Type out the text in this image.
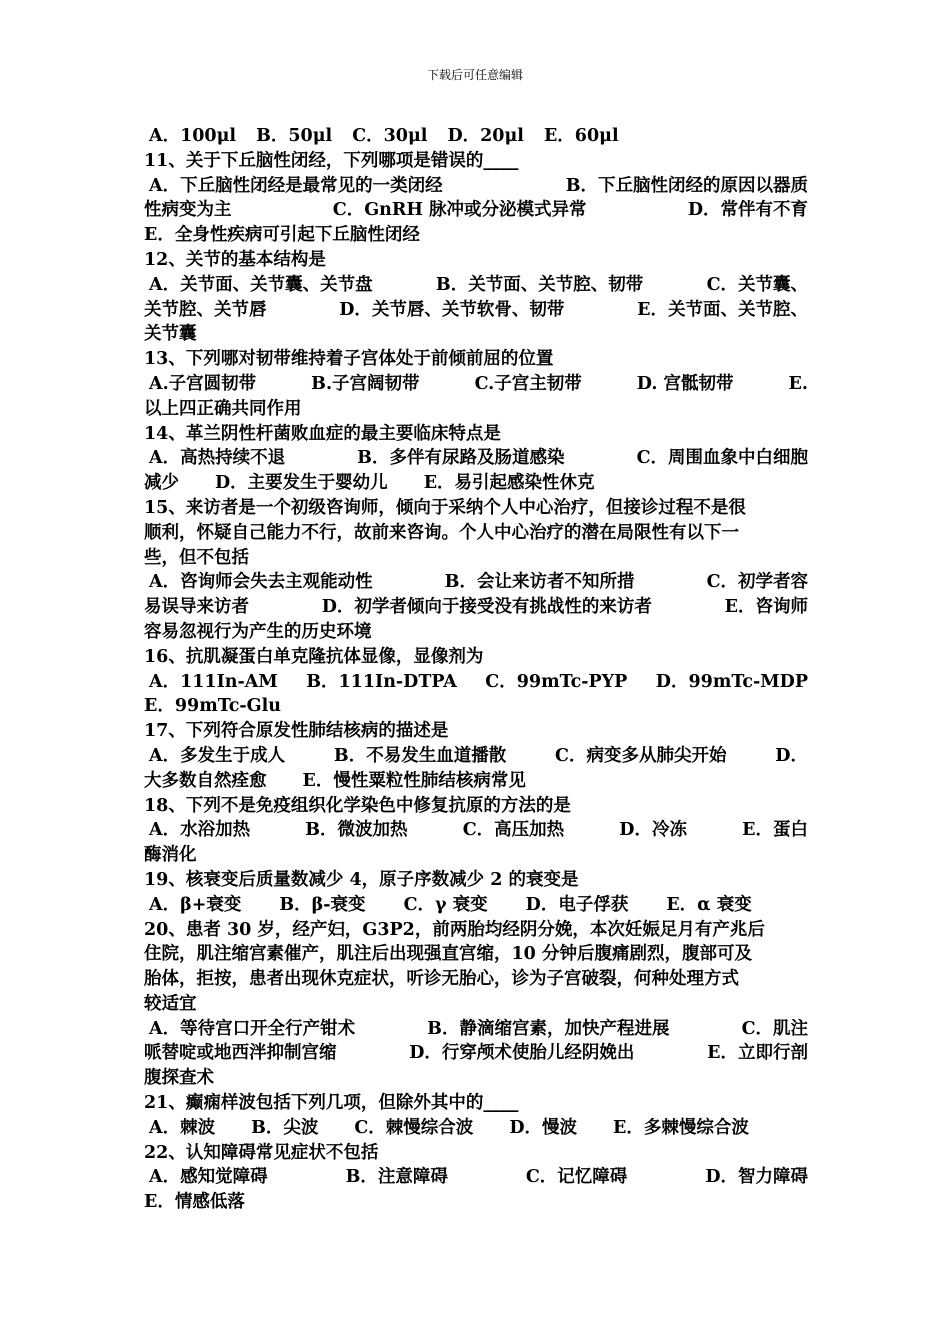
下载后可任意编辑
A．100μl B．50μl C．30μl D．20μl E．60μl
11、关于下丘脑性闭经，下列哪项是错误的____
A．下丘脑性闭经是最常见的一类闭经	B．下丘脑性闭经的原因以器质
性病变为主	C．GnRH 脉冲或分泌模式异常	D．常伴有不育
E．全身性疾病可引起下丘脑性闭经
12、关节的基本结构是
A．关节面、关节囊、关节盘	B．关节面、关节腔、韧带	C．关节囊、
关节腔、关节唇	D．关节唇、关节软骨、韧带	E．关节面、关节腔、
关节囊
13、下列哪对韧带维持着子宫体处于前倾前屈的位置
A.子宫圆韧带	B.子宫阔韧带	C.子宫主韧带	D. 宫骶韧带	E.
以上四正确共同作用
14、革兰阴性杆菌败血症的最主要临床特点是
A．高热持续不退	B．多伴有尿路及肠道感染	C．周围血象中白细胞
减少 D．主要发生于婴幼儿 E．易引起感染性休克
15、来访者是一个初级咨询师，倾向于采纳个人中心治疗，但接诊过程不是很
顺利，怀疑自己能力不行，故前来咨询。个人中心治疗的潜在局限性有以下一
些，但不包括
A．咨询师会失去主观能动性	B．会让来访者不知所措	C．初学者容
易误导来访者	D．初学者倾向于接受没有挑战性的来访者	E．咨询师
容易忽视行为产生的历史环境
16、抗肌凝蛋白单克隆抗体显像，显像剂为
A．111In-AM B．111In-DTPA C．99mTc-PYP D．99mTc-MDP
E．99mTc-Glu
17、下列符合原发性肺结核病的描述是
A．多发生于成人	B．不易发生血道播散	C．病变多从肺尖开始	D．
大多数自然痊愈 E．慢性粟粒性肺结核病常见
18、下列不是免疫组织化学染色中修复抗原的方法的是
A．水浴加热	B．微波加热	C．高压加热	D．冷冻	E．蛋白
酶消化
19、核衰变后质量数减少 4，原子序数减少 2 的衰变是
A．β+衰变 B．β-衰变 C．γ 衰变 D．电子俘获 E．α 衰变
20、患者 30 岁，经产妇，G3P2，前两胎均经阴分娩，本次妊娠足月有产兆后
住院，肌注缩宫素催产，肌注后出现强直宫缩，10 分钟后腹痛剧烈，腹部可及
胎体，拒按，患者出现休克症状，听诊无胎心，诊为子宫破裂，何种处理方式
较适宜
A．等待宫口开全行产钳术	B．静滴缩宫素，加快产程进展	C．肌注
哌替啶或地西泮抑制宫缩	D．行穿颅术使胎儿经阴娩出	E．立即行剖
腹探查术
21、癫痫样波包括下列几项，但除外其中的____
A．棘波 B．尖波 C．棘慢综合波 D．慢波 E．多棘慢综合波
22、认知障碍常见症状不包括
A．感知觉障碍	B．注意障碍	C．记忆障碍	D．智力障碍
E．情感低落
